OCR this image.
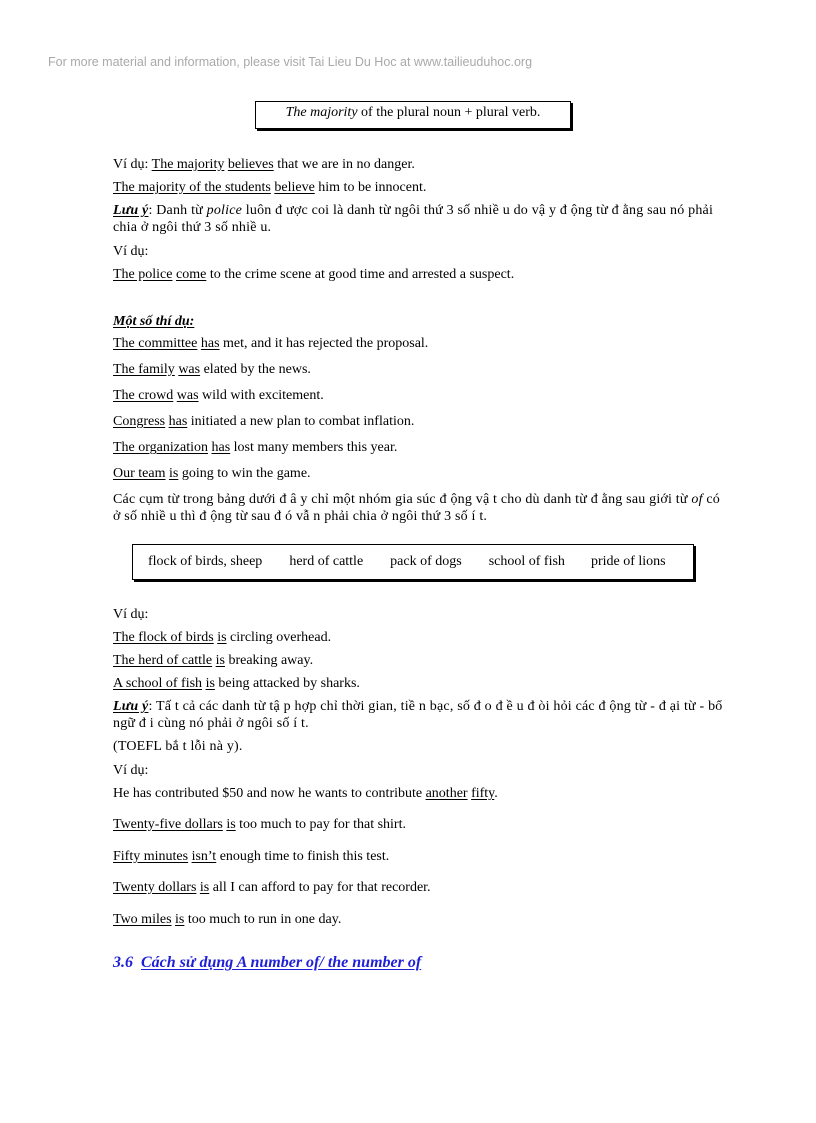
For more material and information, please visit Tai Lieu Du Hoc at www.tailieuduhoc.org
The majority of the plural noun + plural verb.
Ví dụ: The majority believes that we are in no danger.
The majority of the students believe him to be innocent.
Lưu ý: Danh từ police luôn đ ược coi là danh từ ngôi thứ 3 số nhiề u do vậ y đ ộng từ đ ằng sau nó phải chia ở ngôi thứ 3 số nhiề u.
Ví dụ:
The police come to the crime scene at good time and arrested a suspect.
Một số thí dụ:
The committee has met, and it has rejected the proposal.
The family was elated by the news.
The crowd was wild with excitement.
Congress has initiated a new plan to combat inflation.
The organization has lost many members this year.
Our team is going to win the game.
Các cụm từ trong bảng dưới đ â y chỉ một nhóm gia súc đ ộng vậ t cho dù danh từ đ ằng sau giới từ of có ở số nhiề u thì đ ộng từ sau đ ó vẫ n phải chia ở ngôi thứ 3 số í t.
flock of birds, sheep herd of cattle pack of dogs school of fish pride of lions
Ví dụ:
The flock of birds is circling overhead.
The herd of cattle is breaking away.
A school of fish is being attacked by sharks.
Lưu ý: Tấ t cả các danh từ tậ p hợp chỉ thời gian, tiề n bạc, số đ o đ ề u đ òi hỏi các đ ộng từ - đ ại từ - bổ ngữ đ i cùng nó phải ở ngôi số í t.
(TOEFL bắ t lỗi nà y).
Ví dụ:
He has contributed $50 and now he wants to contribute another fifty.
Twenty-five dollars is too much to pay for that shirt.
Fifty minutes isn’t enough time to finish this test.
Twenty dollars is all I can afford to pay for that recorder.
Two miles is too much to run in one day.
3.6 Cách sử dụng A number of/ the number of
